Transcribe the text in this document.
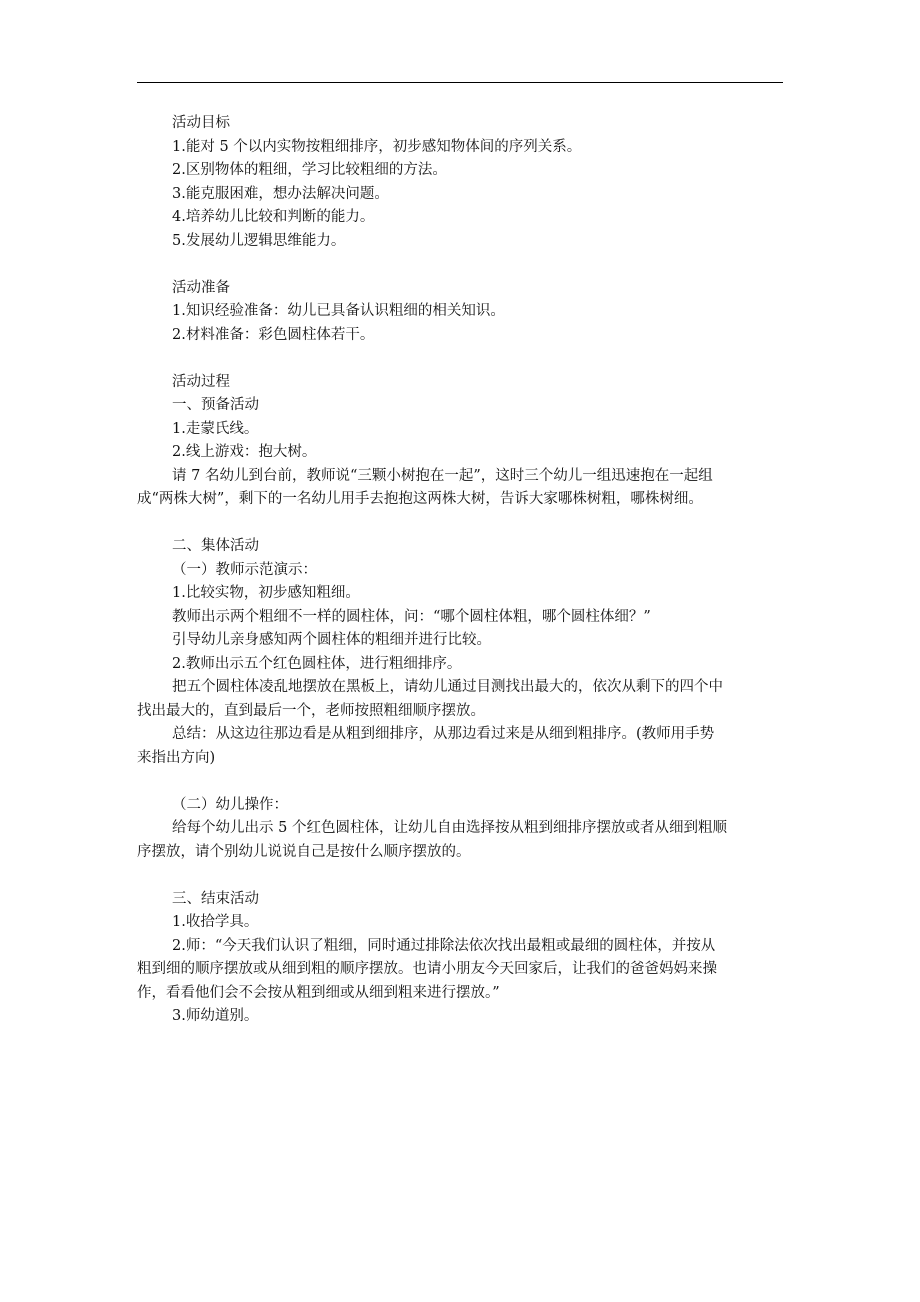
活动目标
1.能对 5 个以内实物按粗细排序，初步感知物体间的序列关系。
2.区别物体的粗细，学习比较粗细的方法。
3.能克服困难，想办法解决问题。
4.培养幼儿比较和判断的能力。
5.发展幼儿逻辑思维能力。
活动准备
1.知识经验准备：幼儿已具备认识粗细的相关知识。
2.材料准备：彩色圆柱体若干。
活动过程
一、预备活动
1.走蒙氏线。
2.线上游戏：抱大树。
请 7 名幼儿到台前，教师说“三颗小树抱在一起”，这时三个幼儿一组迅速抱在一起组
成“两株大树”，剩下的一名幼儿用手去抱抱这两株大树，告诉大家哪株树粗，哪株树细。
二、集体活动
（一）教师示范演示：
1.比较实物，初步感知粗细。
教师出示两个粗细不一样的圆柱体，问：“哪个圆柱体粗，哪个圆柱体细？”
引导幼儿亲身感知两个圆柱体的粗细并进行比较。
2.教师出示五个红色圆柱体，进行粗细排序。
把五个圆柱体凌乱地摆放在黑板上，请幼儿通过目测找出最大的，依次从剩下的四个中
找出最大的，直到最后一个，老师按照粗细顺序摆放。
总结：从这边往那边看是从粗到细排序，从那边看过来是从细到粗排序。(教师用手势
来指出方向)
（二）幼儿操作：
给每个幼儿出示 5 个红色圆柱体，让幼儿自由选择按从粗到细排序摆放或者从细到粗顺
序摆放，请个别幼儿说说自己是按什么顺序摆放的。
三、结束活动
1.收拾学具。
2.师：“今天我们认识了粗细，同时通过排除法依次找出最粗或最细的圆柱体，并按从
粗到细的顺序摆放或从细到粗的顺序摆放。也请小朋友今天回家后，让我们的爸爸妈妈来操
作，看看他们会不会按从粗到细或从细到粗来进行摆放。”
3.师幼道别。
